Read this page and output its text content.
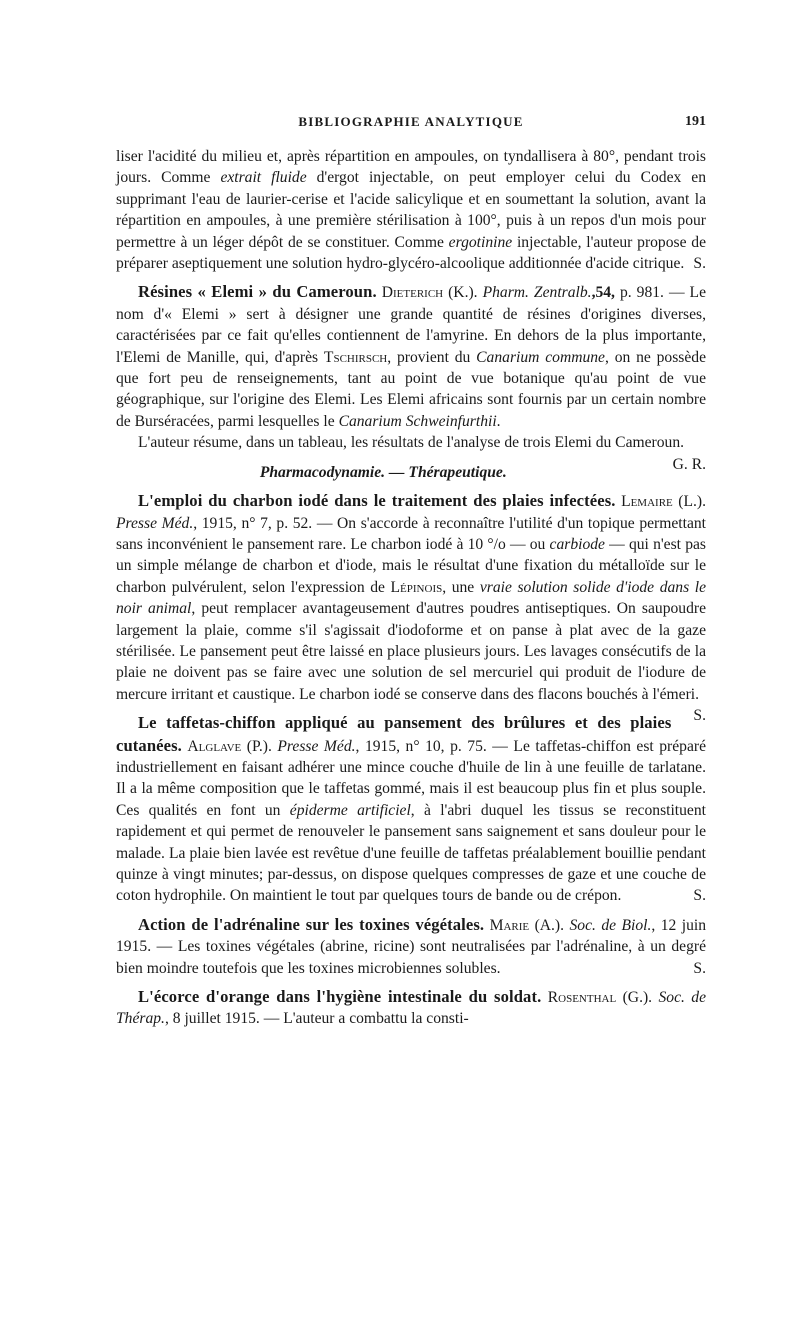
BIBLIOGRAPHIE ANALYTIQUE	191

liser l'acidité du milieu et, après répartition en ampoules, on tyndallisera à 80°, pendant trois jours. Comme extrait fluide d'ergot injectable, on peut employer celui du Codex en supprimant l'eau de laurier-cerise et l'acide salicylique et en soumettant la solution, avant la répartition en ampoules, à une première stérilisation à 100°, puis à un repos d'un mois pour permettre à un léger dépôt de se constituer. Comme ergotinine injectable, l'auteur propose de préparer aseptiquement une solution hydro-glycéro-alcoolique additionnée d'acide citrique. S.

Résines « Elemi » du Cameroun. Dieterich (K.). Pharm. Zentralb.,54, p. 981. — Le nom d'« Elemi » sert à désigner une grande quantité de résines d'origines diverses, caractérisées par ce fait qu'elles contiennent de l'amyrine. En dehors de la plus importante, l'Elemi de Manille, qui, d'après Tschirsch, provient du Canarium commune, on ne possède que fort peu de renseignements, tant au point de vue botanique qu'au point de vue géographique, sur l'origine des Elemi. Les Elemi africains sont fournis par un certain nombre de Burséracées, parmi lesquelles le Canarium Schweinfurthii.

L'auteur résume, dans un tableau, les résultats de l'analyse de trois Elemi du Cameroun.
G. R.

Pharmacodynamie. — Thérapeutique.

L'emploi du charbon iodé dans le traitement des plaies infectées. Lemaire (L.). Presse Méd., 1915, n° 7, p. 52. — On s'accorde à reconnaître l'utilité d'un topique permettant sans inconvénient le pansement rare. Le charbon iodé à 10 °/o — ou carbiode — qui n'est pas un simple mélange de charbon et d'iode, mais le résultat d'une fixation du métalloïde sur le charbon pulvérulent, selon l'expression de Lépinois, une vraie solution solide d'iode dans le noir animal, peut remplacer avantageusement d'autres poudres antiseptiques. On saupoudre largement la plaie, comme s'il s'agissait d'iodoforme et on panse à plat avec de la gaze stérilisée. Le pansement peut être laissé en place plusieurs jours. Les lavages consécutifs de la plaie ne doivent pas se faire avec une solution de sel mercuriel qui produit de l'iodure de mercure irritant et caustique. Le charbon iodé se conserve dans des flacons bouchés à l'émeri.
S.

Le taffetas-chiffon appliqué au pansement des brûlures et des plaies cutanées. Alglave (P.). Presse Méd., 1915, n° 10, p. 75. — Le taffetas-chiffon est préparé industriellement en faisant adhérer une mince couche d'huile de lin à une feuille de tarlatane. Il a la même composition que le taffetas gommé, mais il est beaucoup plus fin et plus souple. Ces qualités en font un épiderme artificiel, à l'abri duquel les tissus se reconstituent rapidement et qui permet de renouveler le pansement sans saignement et sans douleur pour le malade. La plaie bien lavée est revêtue d'une feuille de taffetas préalablement bouillie pendant quinze à vingt minutes; par-dessus, on dispose quelques compresses de gaze et une couche de coton hydrophile. On maintient le tout par quelques tours de bande ou de crépon.	S.

Action de l'adrénaline sur les toxines végétales. Marie (A.). Soc. de Biol., 12 juin 1915. — Les toxines végétales (abrine, ricine) sont neutralisées par l'adrénaline, à un degré bien moindre toutefois que les toxines microbiennes solubles.	S.

L'écorce d'orange dans l'hygiène intestinale du soldat. Rosenthal (G.). Soc. de Thérap., 8 juillet 1915. — L'auteur a combattu la consti-
